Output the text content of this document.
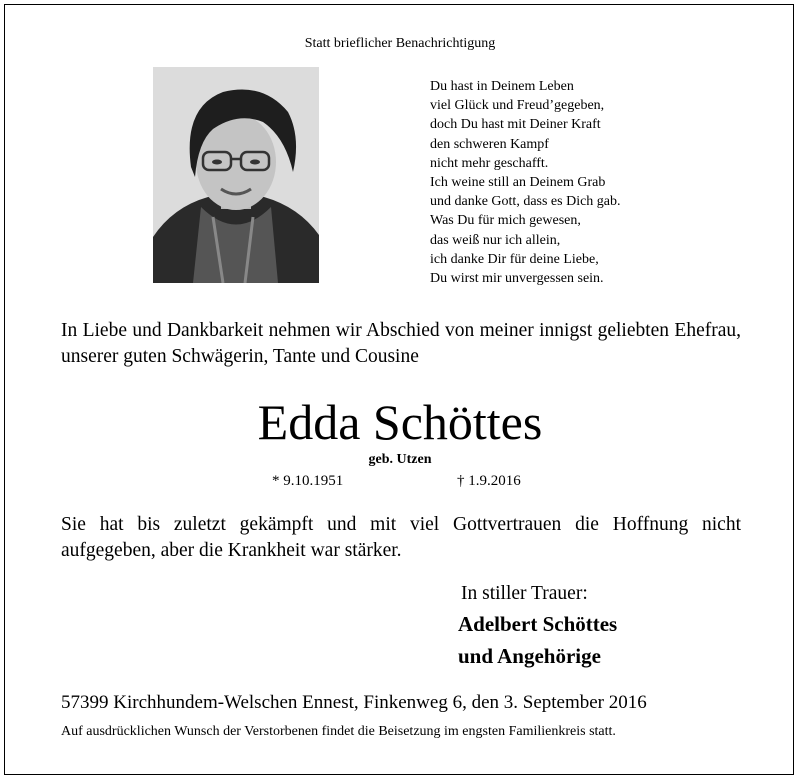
Statt brieflicher Benachrichtigung
Du hast in Deinem Leben
viel Glück und Freud’gegeben,
doch Du hast mit Deiner Kraft
den schweren Kampf
nicht mehr geschafft.
Ich weine still an Deinem Grab
und danke Gott, dass es Dich gab.
Was Du für mich gewesen,
das weiß nur ich allein,
ich danke Dir für deine Liebe,
Du wirst mir unvergessen sein.
In Liebe und Dankbarkeit nehmen wir Abschied von meiner innigst geliebten Ehefrau, unserer guten Schwägerin, Tante und Cousine
Edda Schöttes
geb. Utzen
* 9.10.1951	† 1.9.2016
Sie hat bis zuletzt gekämpft und mit viel Gottvertrauen die Hoffnung nicht aufgegeben, aber die Krankheit war stärker.
In stiller Trauer:
Adelbert Schöttes
und Angehörige
57399 Kirchhundem-Welschen Ennest, Finkenweg 6, den 3. September 2016
Auf ausdrücklichen Wunsch der Verstorbenen findet die Beisetzung im engsten Familienkreis statt.
